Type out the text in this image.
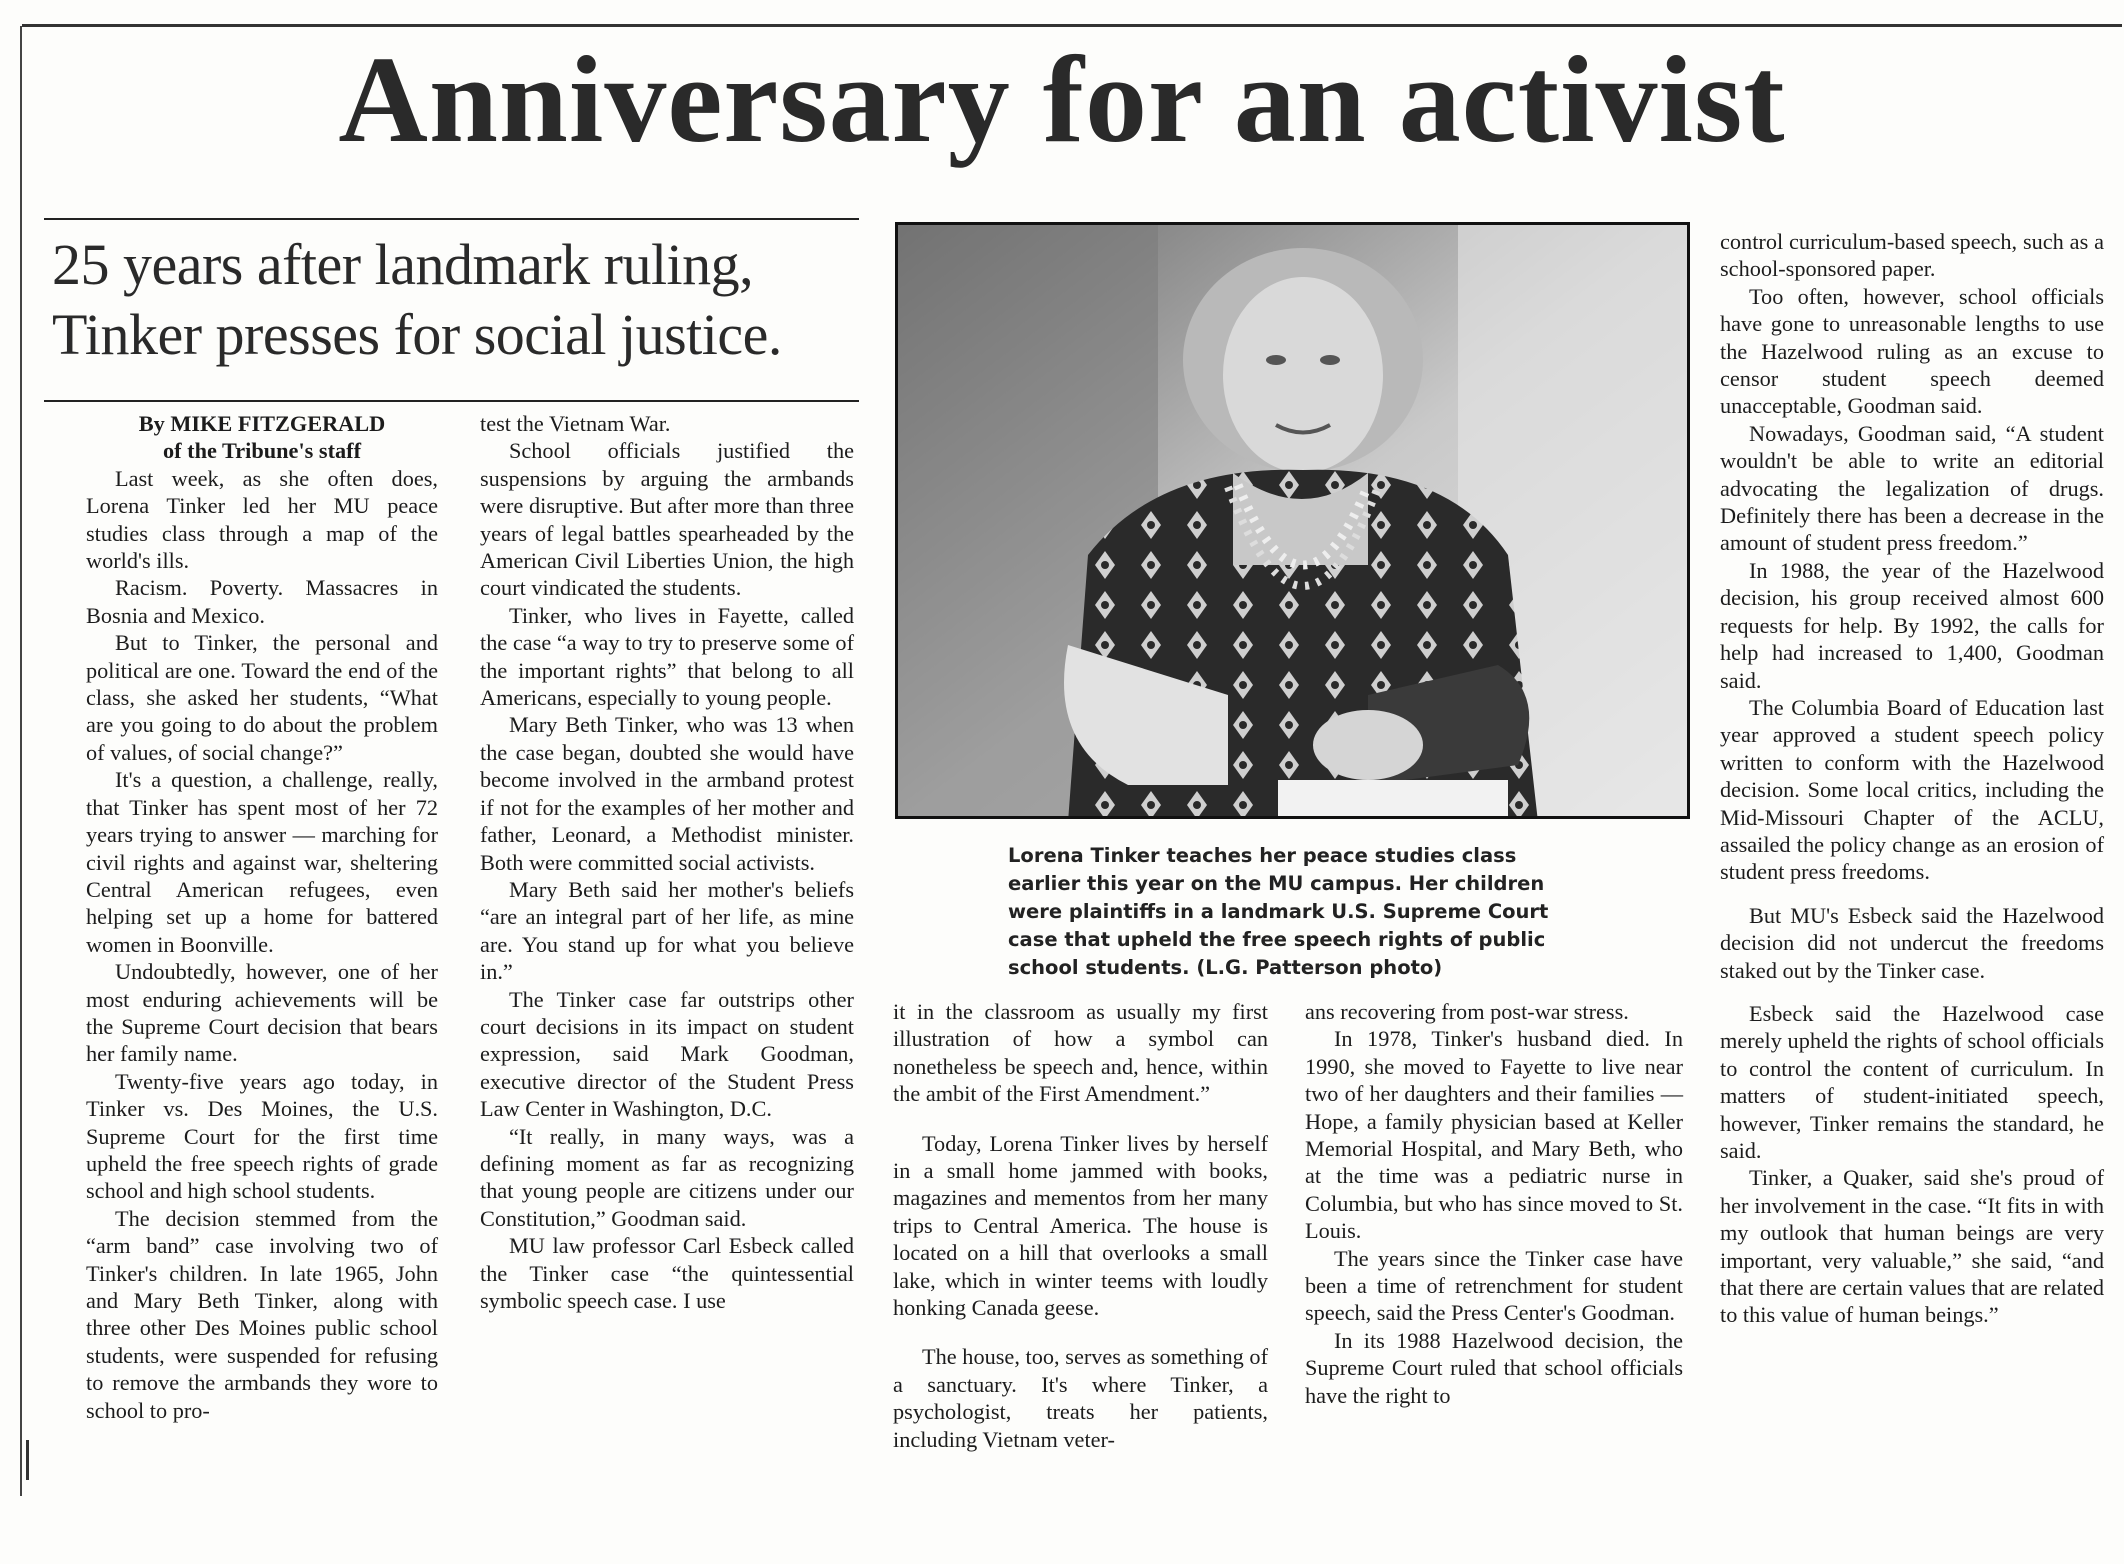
Anniversary for an activist
25 years after landmark ruling,
Tinker presses for social justice.

By MIKE FITZGERALD

of the Tribune's staff

Last week, as she often does, Lorena Tinker led her MU peace studies class through a map of the world's ills.

Racism. Poverty. Massacres in Bosnia and Mexico.

But to Tinker, the personal and political are one. Toward the end of the class, she asked her students, “What are you going to do about the problem of values, of social change?”

It's a question, a challenge, really, that Tinker has spent most of her 72 years trying to answer — marching for civil rights and against war, sheltering Central American refugees, even helping set up a home for battered women in Boonville.

Undoubtedly, however, one of her most enduring achievements will be the Supreme Court decision that bears her family name.

Twenty-five years ago today, in Tinker vs. Des Moines, the U.S. Supreme Court for the first time upheld the free speech rights of grade school and high school students.

The decision stemmed from the “arm band” case involving two of Tinker's children. In late 1965, John and Mary Beth Tinker, along with three other Des Moines public school students, were suspended for refusing to remove the armbands they wore to school to pro-

test the Vietnam War.

School officials justified the suspensions by arguing the armbands were disruptive. But after more than three years of legal battles spearheaded by the American Civil Liberties Union, the high court vindicated the students.

Tinker, who lives in Fayette, called the case “a way to try to preserve some of the important rights” that belong to all Americans, especially to young people.

Mary Beth Tinker, who was 13 when the case began, doubted she would have become involved in the armband protest if not for the examples of her mother and father, Leonard, a Methodist minister. Both were committed social activists.

Mary Beth said her mother's beliefs “are an integral part of her life, as mine are. You stand up for what you believe in.”

The Tinker case far outstrips other court decisions in its impact on student expression, said Mark Goodman, executive director of the Student Press Law Center in Washington, D.C.

“It really, in many ways, was a defining moment as far as recognizing that young people are citizens under our Constitution,” Goodman said.

MU law professor Carl Esbeck called the Tinker case “the quintessential symbolic speech case. I use

Lorena Tinker teaches her peace studies class
earlier this year on the MU campus. Her children
were plaintiffs in a landmark U.S. Supreme Court
case that upheld the free speech rights of public
school students. (L.G. Patterson photo)

it in the classroom as usually my first illustration of how a symbol can nonetheless be speech and, hence, within the ambit of the First Amendment.”

Today, Lorena Tinker lives by herself in a small home jammed with books, magazines and mementos from her many trips to Central America. The house is located on a hill that overlooks a small lake, which in winter teems with loudly honking Canada geese.

The house, too, serves as something of a sanctuary. It's where Tinker, a psychologist, treats her patients, including Vietnam veter-

ans recovering from post-war stress.

In 1978, Tinker's husband died. In 1990, she moved to Fayette to live near two of her daughters and their families — Hope, a family physician based at Keller Memorial Hospital, and Mary Beth, who at the time was a pediatric nurse in Columbia, but who has since moved to St. Louis.

The years since the Tinker case have been a time of retrenchment for student speech, said the Press Center's Goodman.

In its 1988 Hazelwood decision, the Supreme Court ruled that school officials have the right to

control curriculum-based speech, such as a school-sponsored paper.

Too often, however, school officials have gone to unreasonable lengths to use the Hazelwood ruling as an excuse to censor student speech deemed unacceptable, Goodman said.

Nowadays, Goodman said, “A student wouldn't be able to write an editorial advocating the legalization of drugs. Definitely there has been a decrease in the amount of student press freedom.”

In 1988, the year of the Hazelwood decision, his group received almost 600 requests for help. By 1992, the calls for help had increased to 1,400, Goodman said.

The Columbia Board of Education last year approved a student speech policy written to conform with the Hazelwood decision. Some local critics, including the Mid-Missouri Chapter of the ACLU, assailed the policy change as an erosion of student press freedoms.

But MU's Esbeck said the Hazelwood decision did not undercut the freedoms staked out by the Tinker case.

Esbeck said the Hazelwood case merely upheld the rights of school officials to control the content of curriculum. In matters of student-initiated speech, however, Tinker remains the standard, he said.

Tinker, a Quaker, said she's proud of her involvement in the case. “It fits in with my outlook that human beings are very important, very valuable,” she said, “and that there are certain values that are related to this value of human beings.”
